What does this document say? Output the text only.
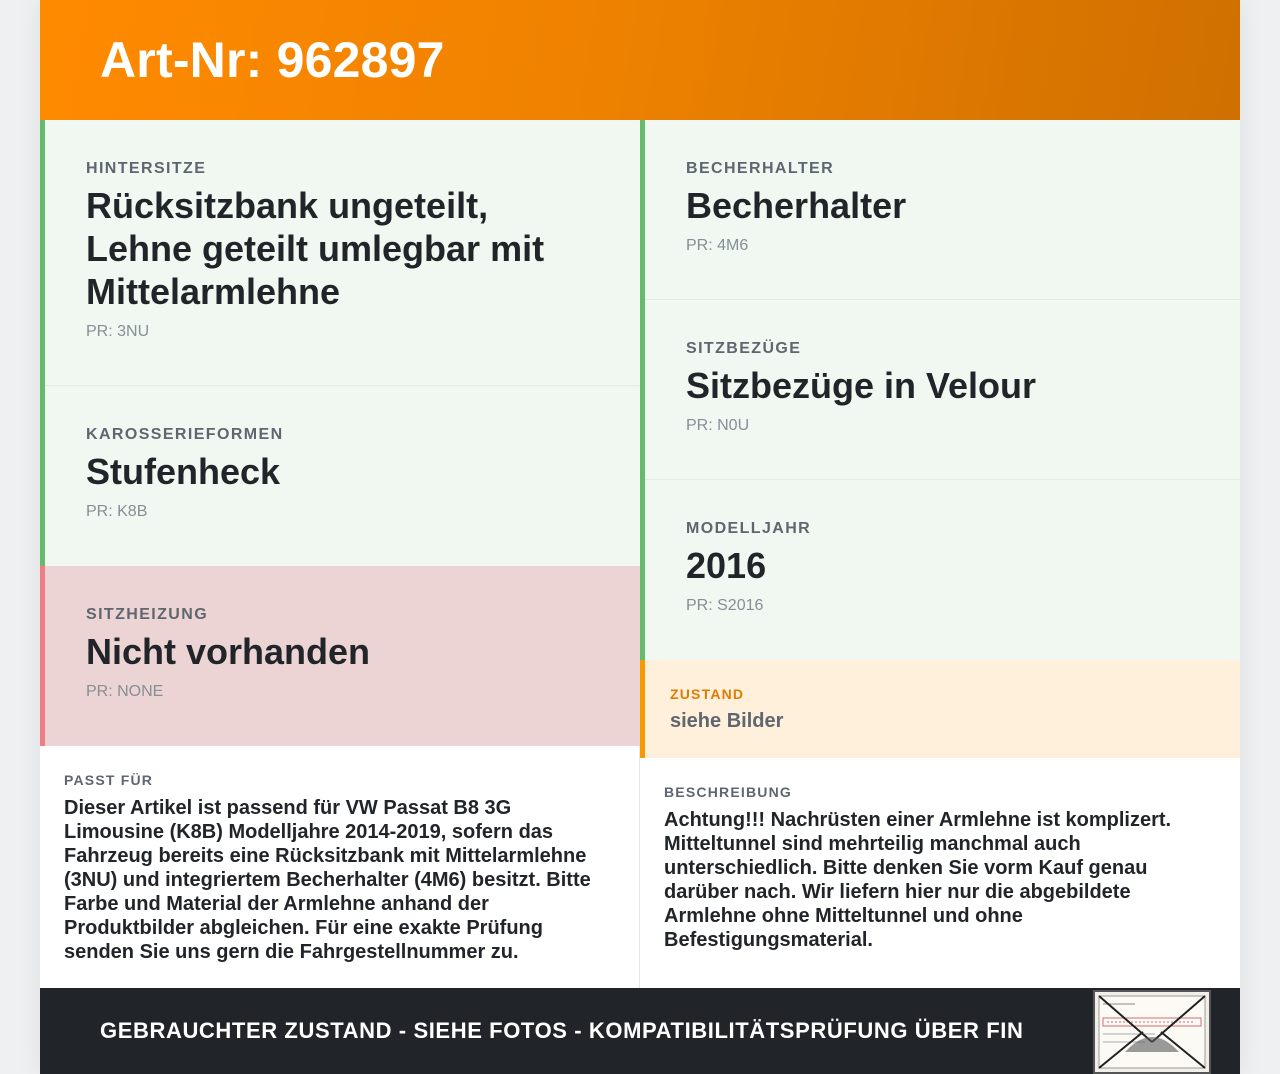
Art-Nr: 962897
HINTERSITZE
Rücksitzbank ungeteilt, Lehne geteilt umlegbar mit Mittelarmlehne
PR: 3NU
KAROSSERIEFORMEN
Stufenheck
PR: K8B
SITZHEIZUNG
Nicht vorhanden
PR: NONE
PASST FÜR
Dieser Artikel ist passend für VW Passat B8 3G Limousine (K8B) Modelljahre 2014-2019, sofern das Fahrzeug bereits eine Rücksitzbank mit Mittelarmlehne (3NU) und integriertem Becherhalter (4M6) besitzt. Bitte Farbe und Material der Armlehne anhand der Produktbilder abgleichen. Für eine exakte Prüfung senden Sie uns gern die Fahrgestellnummer zu.
BECHERHALTER
Becherhalter
PR: 4M6
SITZBEZÜGE
Sitzbezüge in Velour
PR: N0U
MODELLJAHR
2016
PR: S2016
ZUSTAND
siehe Bilder
BESCHREIBUNG
Achtung!!! Nachrüsten einer Armlehne ist komplizert. Mitteltunnel sind mehrteilig manchmal auch unterschiedlich. Bitte denken Sie vorm Kauf genau darüber nach. Wir liefern hier nur die abgebildete Armlehne ohne Mitteltunnel und ohne Befestigungsmaterial.
GEBRAUCHTER ZUSTAND - SIEHE FOTOS - KOMPATIBILITÄTSPRÜFUNG ÜBER FIN
